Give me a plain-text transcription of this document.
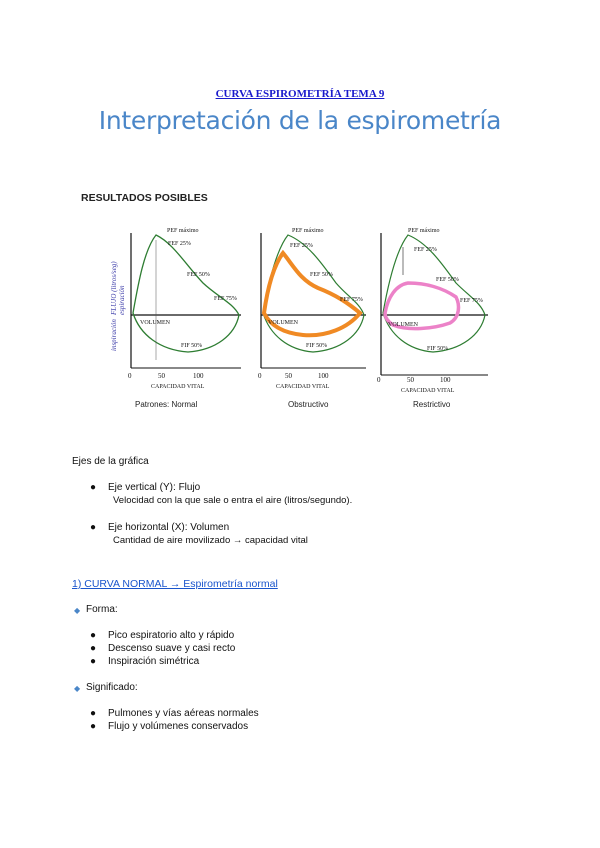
CURVA ESPIROMETRÍA TEMA 9
Interpretación de la espirometría
RESULTADOS POSIBLES
inspiración
FLUJO (litros/seg) espiración
PEF máximo
FEF 25%
FEF 50%
FEF 75%
VOLUMEN
FIF 50%
0	50	100
CAPACIDAD VITAL
Patrones: Normal
PEF máximo
FEF 25%
FEF 50%
FEF 75%
VOLUMEN
FIF 50%
0	50	100
CAPACIDAD VITAL
Obstructivo
PEF máximo
FEF 25%
FEF 50%
FEF 75%
VOLUMEN
FIF 50%
0	50	100
CAPACIDAD VITAL
Restrictivo
Ejes de la gráfica
● Eje vertical (Y): Flujo
Velocidad con la que sale o entra el aire (litros/segundo).
● Eje horizontal (X): Volumen
Cantidad de aire movilizado → capacidad vital
1) CURVA NORMAL → Espirometría normal
◆ Forma:
● Pico espiratorio alto y rápido
● Descenso suave y casi recto
● Inspiración simétrica
◆ Significado:
● Pulmones y vías aéreas normales
● Flujo y volúmenes conservados
